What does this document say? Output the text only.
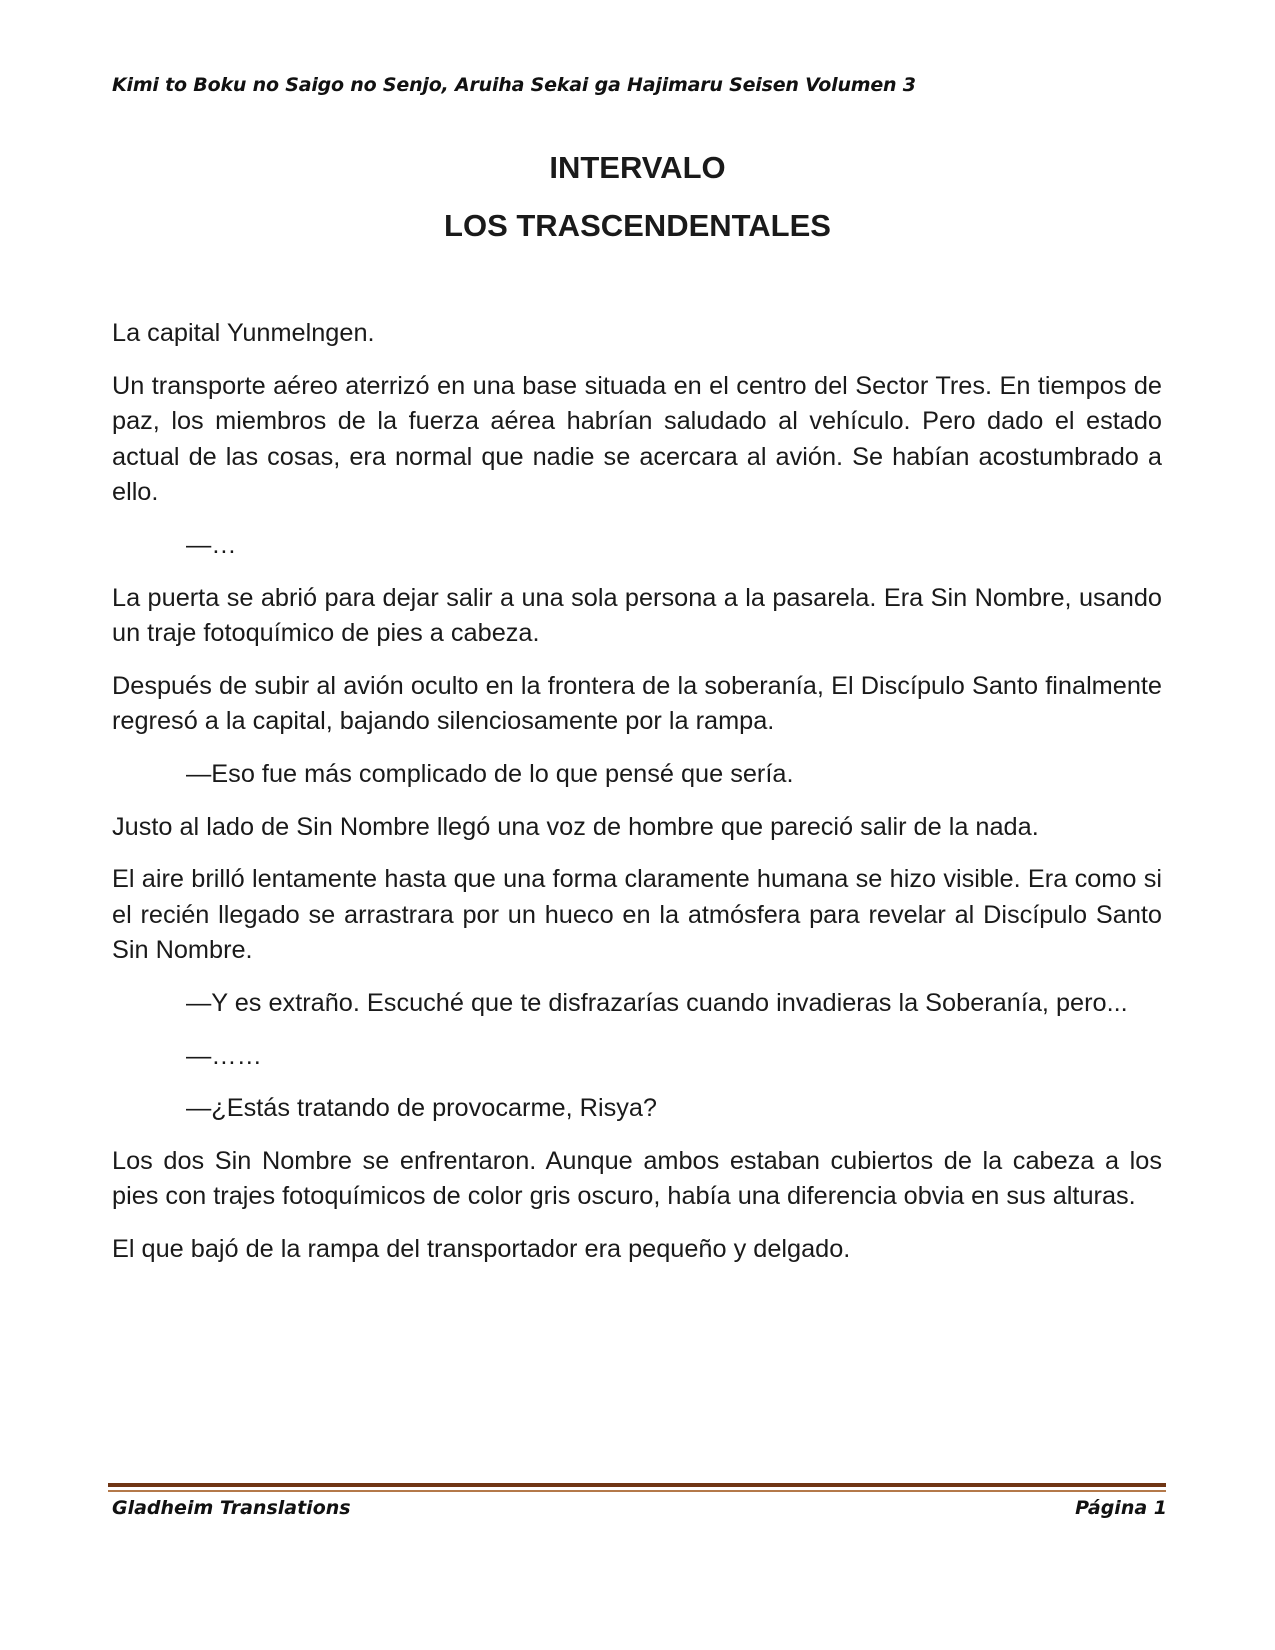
Kimi to Boku no Saigo no Senjo, Aruiha Sekai ga Hajimaru Seisen Volumen 3
INTERVALO
LOS TRASCENDENTALES

La capital Yunmelngen.

Un transporte aéreo aterrizó en una base situada en el centro del Sector Tres. En tiempos de paz, los miembros de la fuerza aérea habrían saludado al vehículo. Pero dado el estado actual de las cosas, era normal que nadie se acercara al avión. Se habían acostumbrado a ello.

—…

La puerta se abrió para dejar salir a una sola persona a la pasarela. Era Sin Nombre, usando un traje fotoquímico de pies a cabeza.

Después de subir al avión oculto en la frontera de la soberanía, El Discípulo Santo finalmente regresó a la capital, bajando silenciosamente por la rampa.

—Eso fue más complicado de lo que pensé que sería.

Justo al lado de Sin Nombre llegó una voz de hombre que pareció salir de la nada.

El aire brilló lentamente hasta que una forma claramente humana se hizo visible. Era como si el recién llegado se arrastrara por un hueco en la atmósfera para revelar al Discípulo Santo Sin Nombre.

—Y es extraño. Escuché que te disfrazarías cuando invadieras la Soberanía, pero...

—……

—¿Estás tratando de provocarme, Risya?

Los dos Sin Nombre se enfrentaron. Aunque ambos estaban cubiertos de la cabeza a los pies con trajes fotoquímicos de color gris oscuro, había una diferencia obvia en sus alturas.

El que bajó de la rampa del transportador era pequeño y delgado.

Gladheim Translations	Página 1
